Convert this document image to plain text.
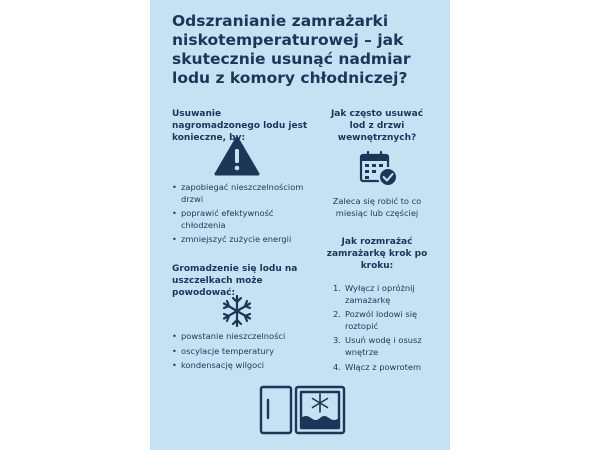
Odszranianie zamrażarki niskotemperaturowej – jak skutecznie usunąć nadmiar lodu z komory chłodniczej?
Usuwanie nagromadzonego lodu jest konieczne, by:
• zapobiegać nieszczelnościom drzwi
• poprawić efektywność chłodzenia
• zmniejszyć zużycie energii
Gromadzenie się lodu na uszczelkach może powodować:
• powstanie nieszczelności
• oscylacje temperatury
• kondensację wilgoci
Jak często usuwać lod z drzwi wewnętrznych?
Zaleca się robić to co miesiąc lub częściej
Jak rozmrażać zamrażarkę krok po kroku:
1. Wyłącz i opróżnij zamażarkę
2. Pozwól lodowi się roztopić
3. Usuń wodę i osusz wnętrze
4. Włącz z powrotem
